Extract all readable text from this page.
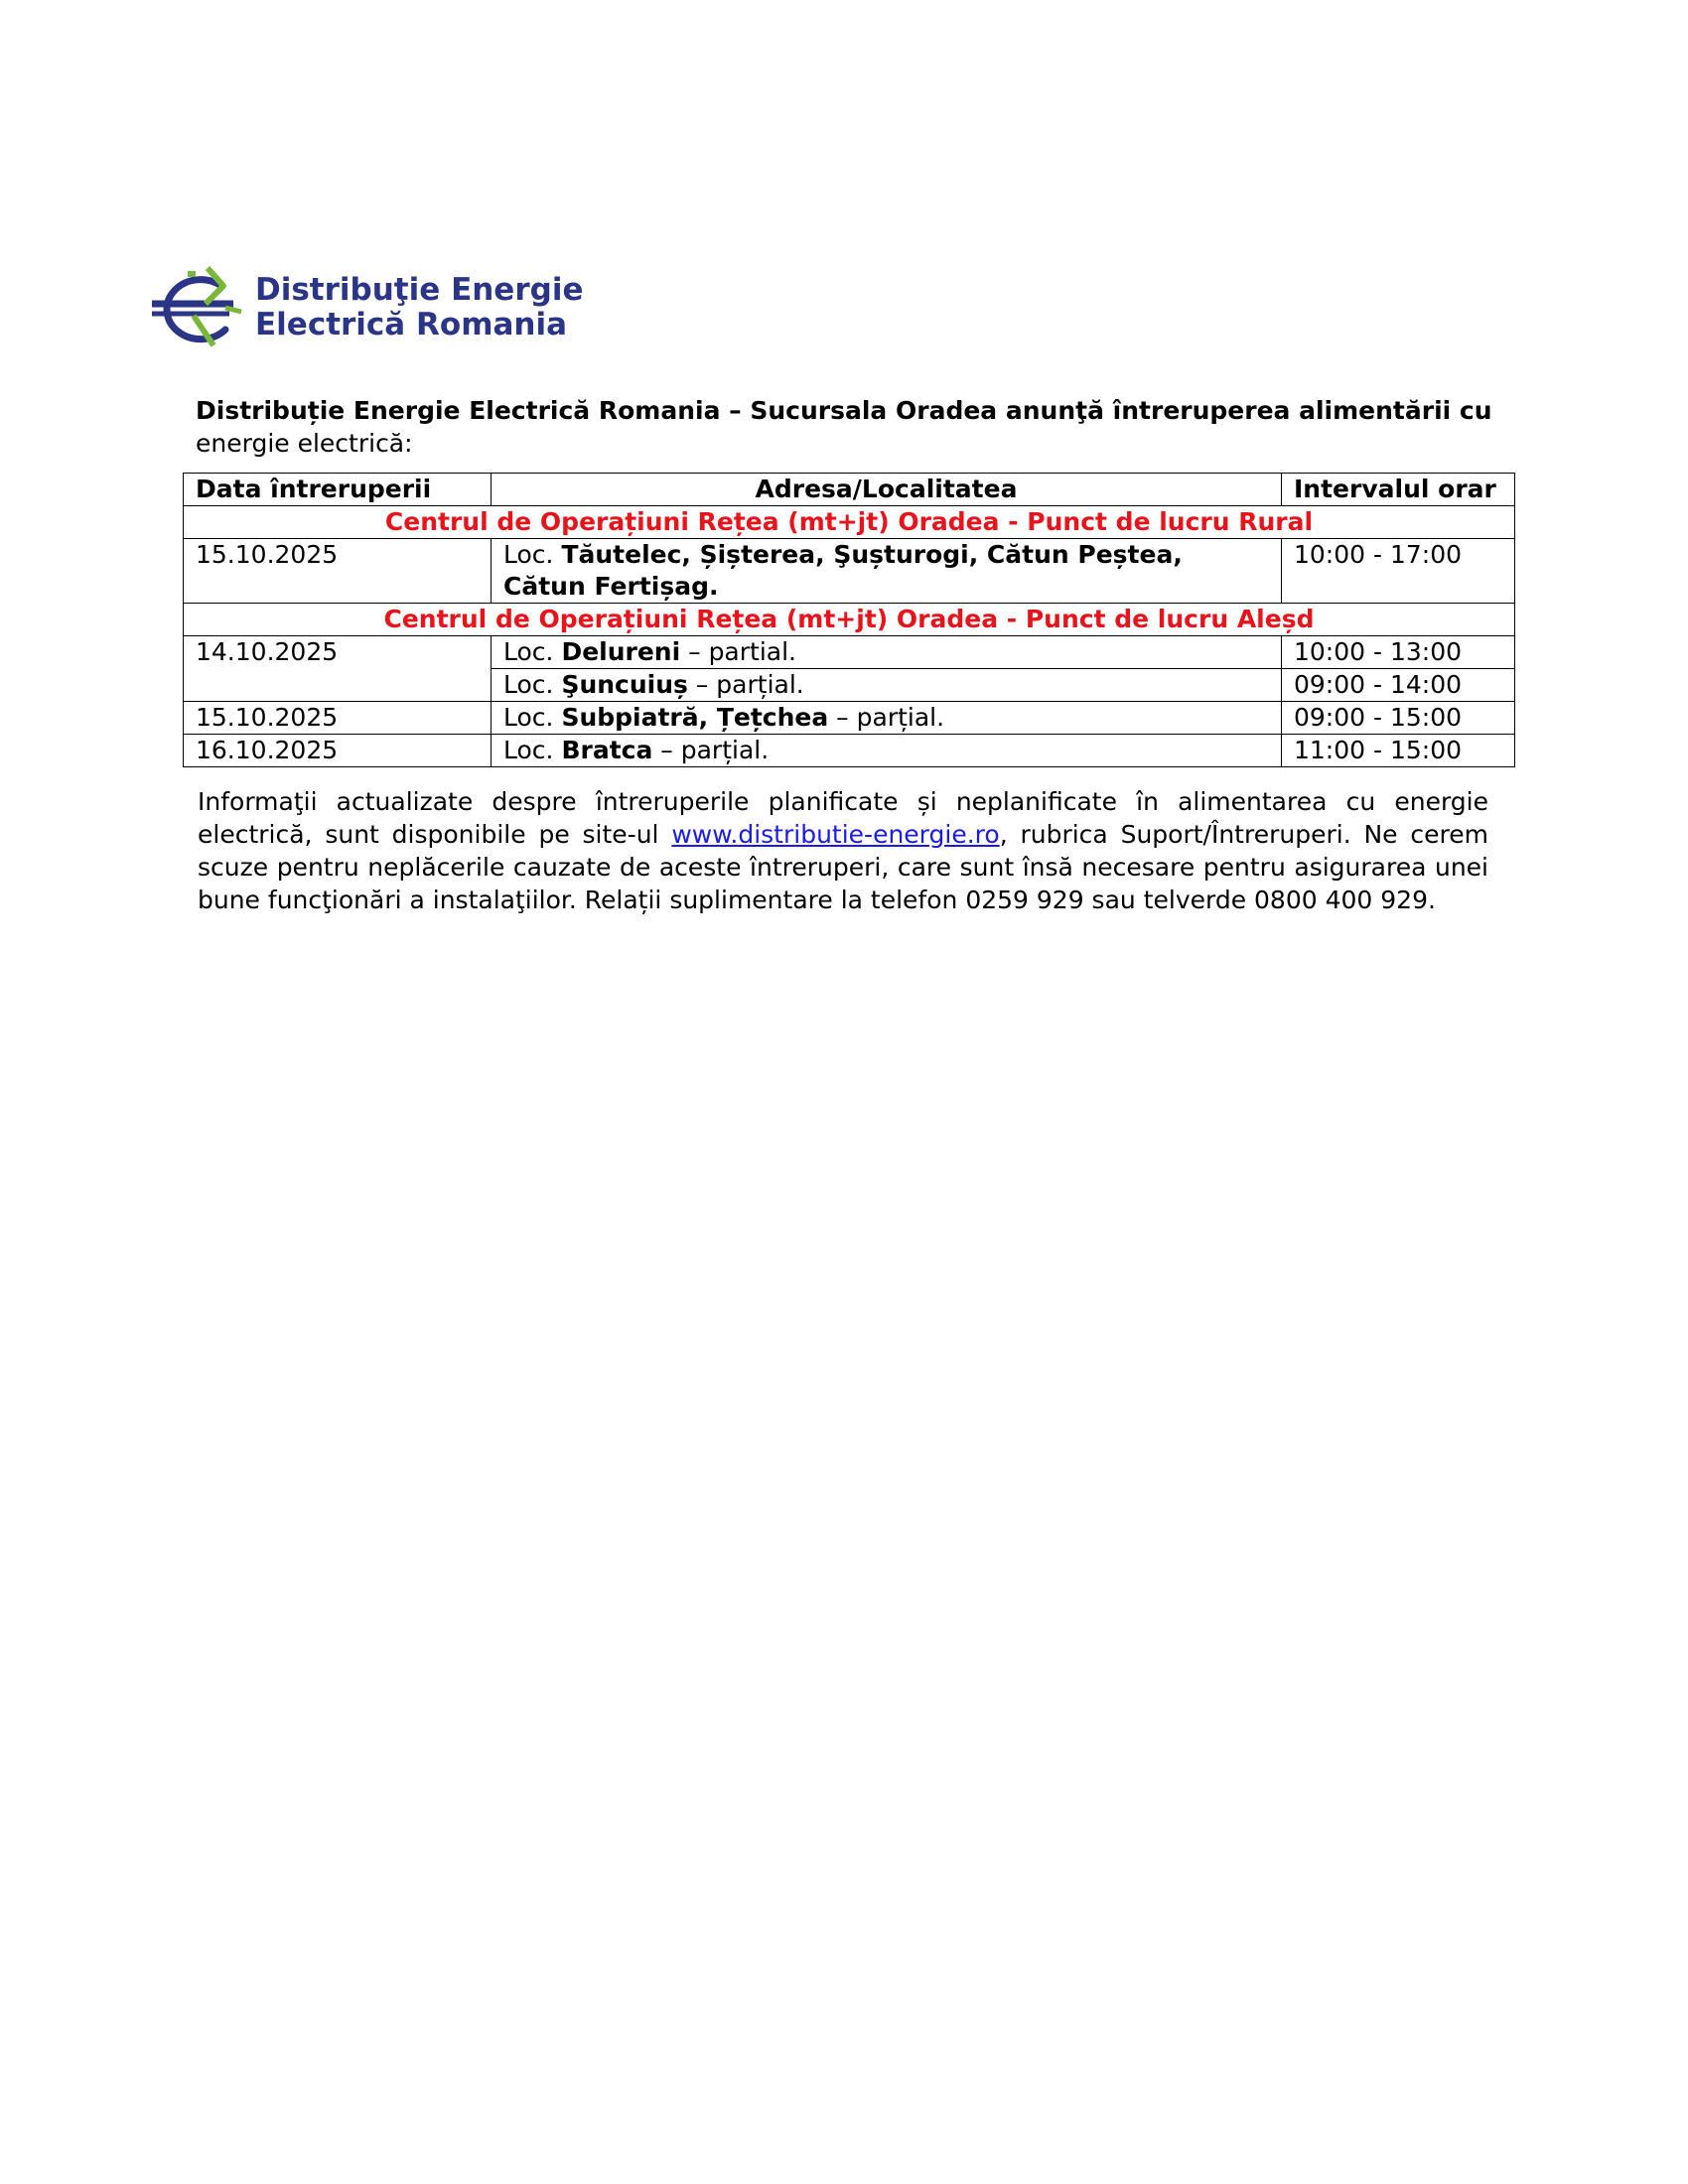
Distribuţie Energie
Electrică Romania
Distribuție Energie Electrică Romania – Sucursala Oradea anunţă întreruperea alimentării cu
energie electrică:
Data întreruperii	Adresa/Localitatea	Intervalul orar
Centrul de Operațiuni Rețea (mt+jt) Oradea - Punct de lucru Rural		
15.10.2025	Loc. Tăutelec, Șișterea, Şușturogi, Cătun Peștea, Cătun Fertișag.	10:00 - 17:00
Centrul de Operațiuni Rețea (mt+jt) Oradea - Punct de lucru Aleșd		
14.10.2025	Loc. Delureni – partial.	10:00 - 13:00
	Loc. Şuncuiuș – parțial.	09:00 - 14:00
15.10.2025	Loc. Subpiatră, Țețchea – parțial.	09:00 - 15:00
16.10.2025	Loc. Bratca – parțial.	11:00 - 15:00
Informaţii actualizate despre întreruperile planificate și neplanificate în alimentarea cu energie electrică, sunt disponibile pe site-ul www.distributie-energie.ro, rubrica Suport/Întreruperi. Ne cerem scuze pentru neplăcerile cauzate de aceste întreruperi, care sunt însă necesare pentru asigurarea unei bune funcţionări a instalaţiilor. Relații suplimentare la telefon 0259 929 sau telverde 0800 400 929.
